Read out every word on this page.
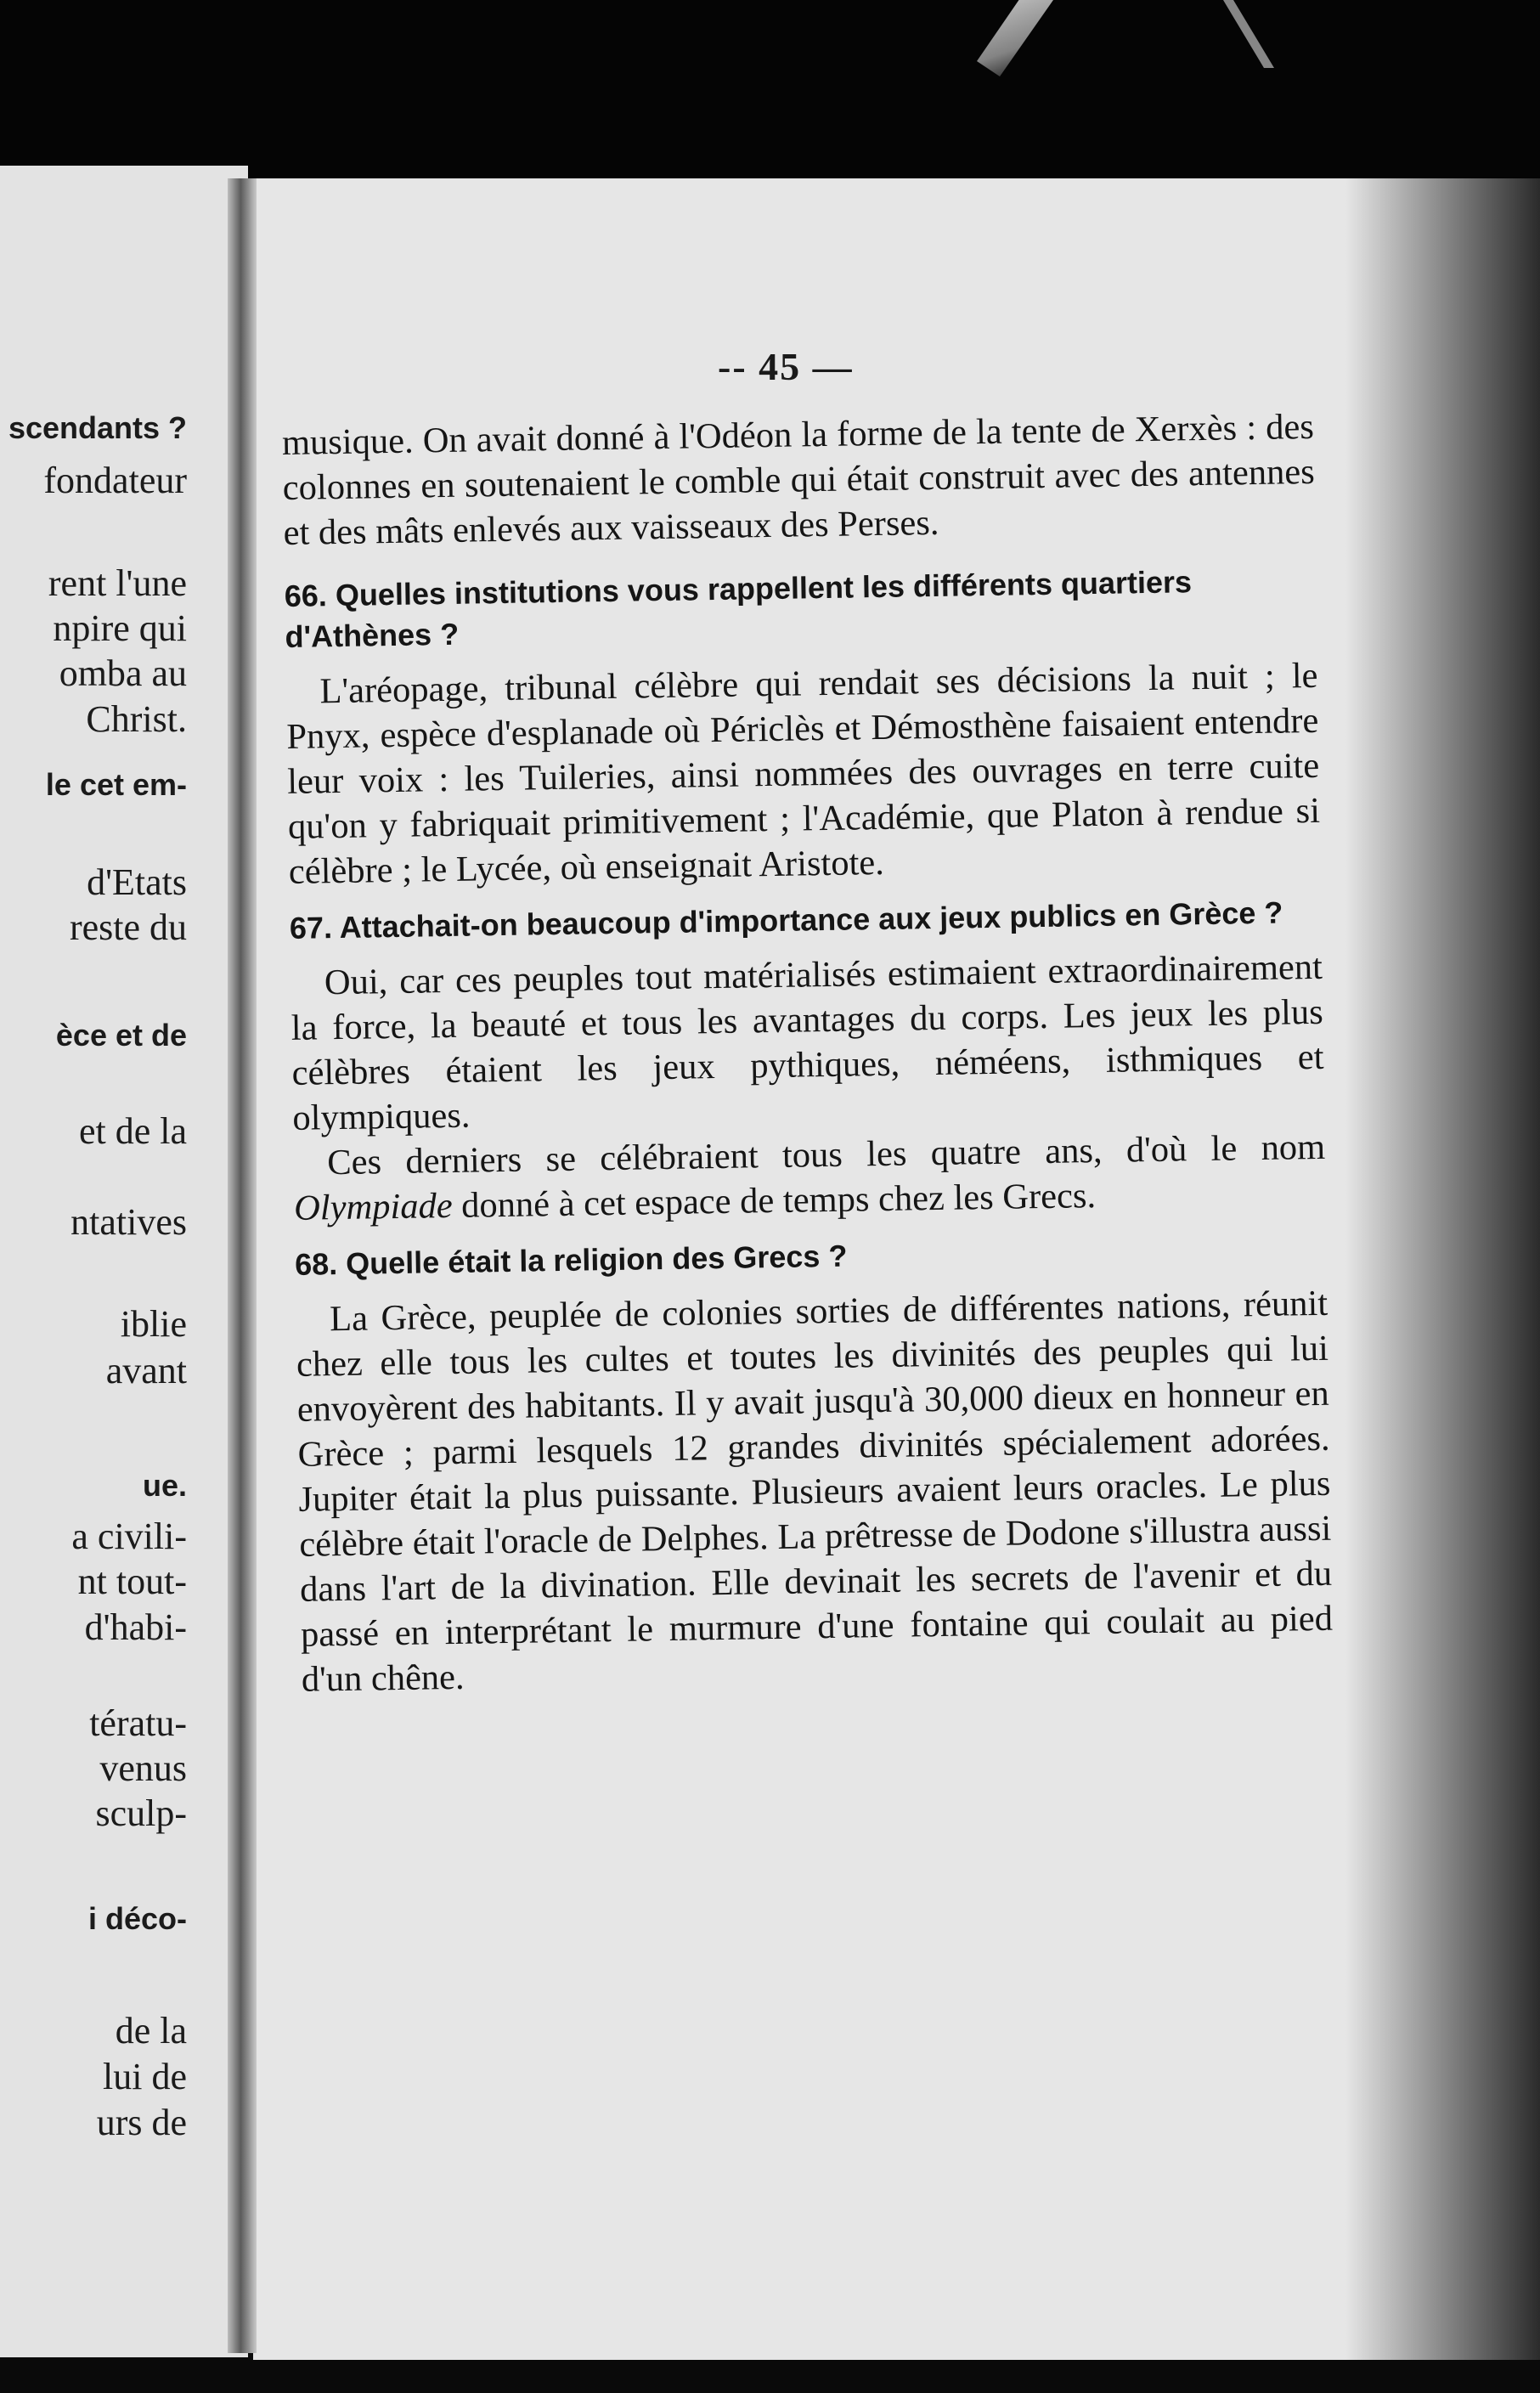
scendants ?
fondateur
rent l'une
npire qui
omba au
Christ.
le cet em-
d'Etats
reste du
èce et de
et de la
ntatives
iblie
avant
ue.
a civili-
nt tout-
d'habi-
tératu-
venus
sculp-
i déco-
de la
lui de
urs de
-- 45 —

musique. On avait donné à l'Odéon la forme de la tente de Xerxès : des colonnes en soutenaient le comble qui était construit avec des antennes et des mâts enlevés aux vaisseaux des Perses.

66. Quelles institutions vous rappellent les différents quartiers d'Athènes ?

L'aréopage, tribunal célèbre qui rendait ses décisions la nuit ; le Pnyx, espèce d'esplanade où Périclès et Démosthène faisaient entendre leur voix : les Tuileries, ainsi nommées des ouvrages en terre cuite qu'on y fabriquait primitivement ; l'Académie, que Platon à rendue si célèbre ; le Lycée, où enseignait Aristote.

67. Attachait-on beaucoup d'importance aux jeux publics en Grèce ?

Oui, car ces peuples tout matérialisés estimaient extraordinairement la force, la beauté et tous les avantages du corps. Les jeux les plus célèbres étaient les jeux pythiques, néméens, isthmiques et olympiques.

Ces derniers se célébraient tous les quatre ans, d'où le nom Olympiade donné à cet espace de temps chez les Grecs.

68. Quelle était la religion des Grecs ?

La Grèce, peuplée de colonies sorties de différentes nations, réunit chez elle tous les cultes et toutes les divinités des peuples qui lui envoyèrent des habitants. Il y avait jusqu'à 30,000 dieux en honneur en Grèce ; parmi lesquels 12 grandes divinités spécialement adorées. Jupiter était la plus puissante. Plusieurs avaient leurs oracles. Le plus célèbre était l'oracle de Delphes. La prêtresse de Dodone s'illustra aussi dans l'art de la divination. Elle devinait les secrets de l'avenir et du passé en interprétant le murmure d'une fontaine qui coulait au pied d'un chêne.
